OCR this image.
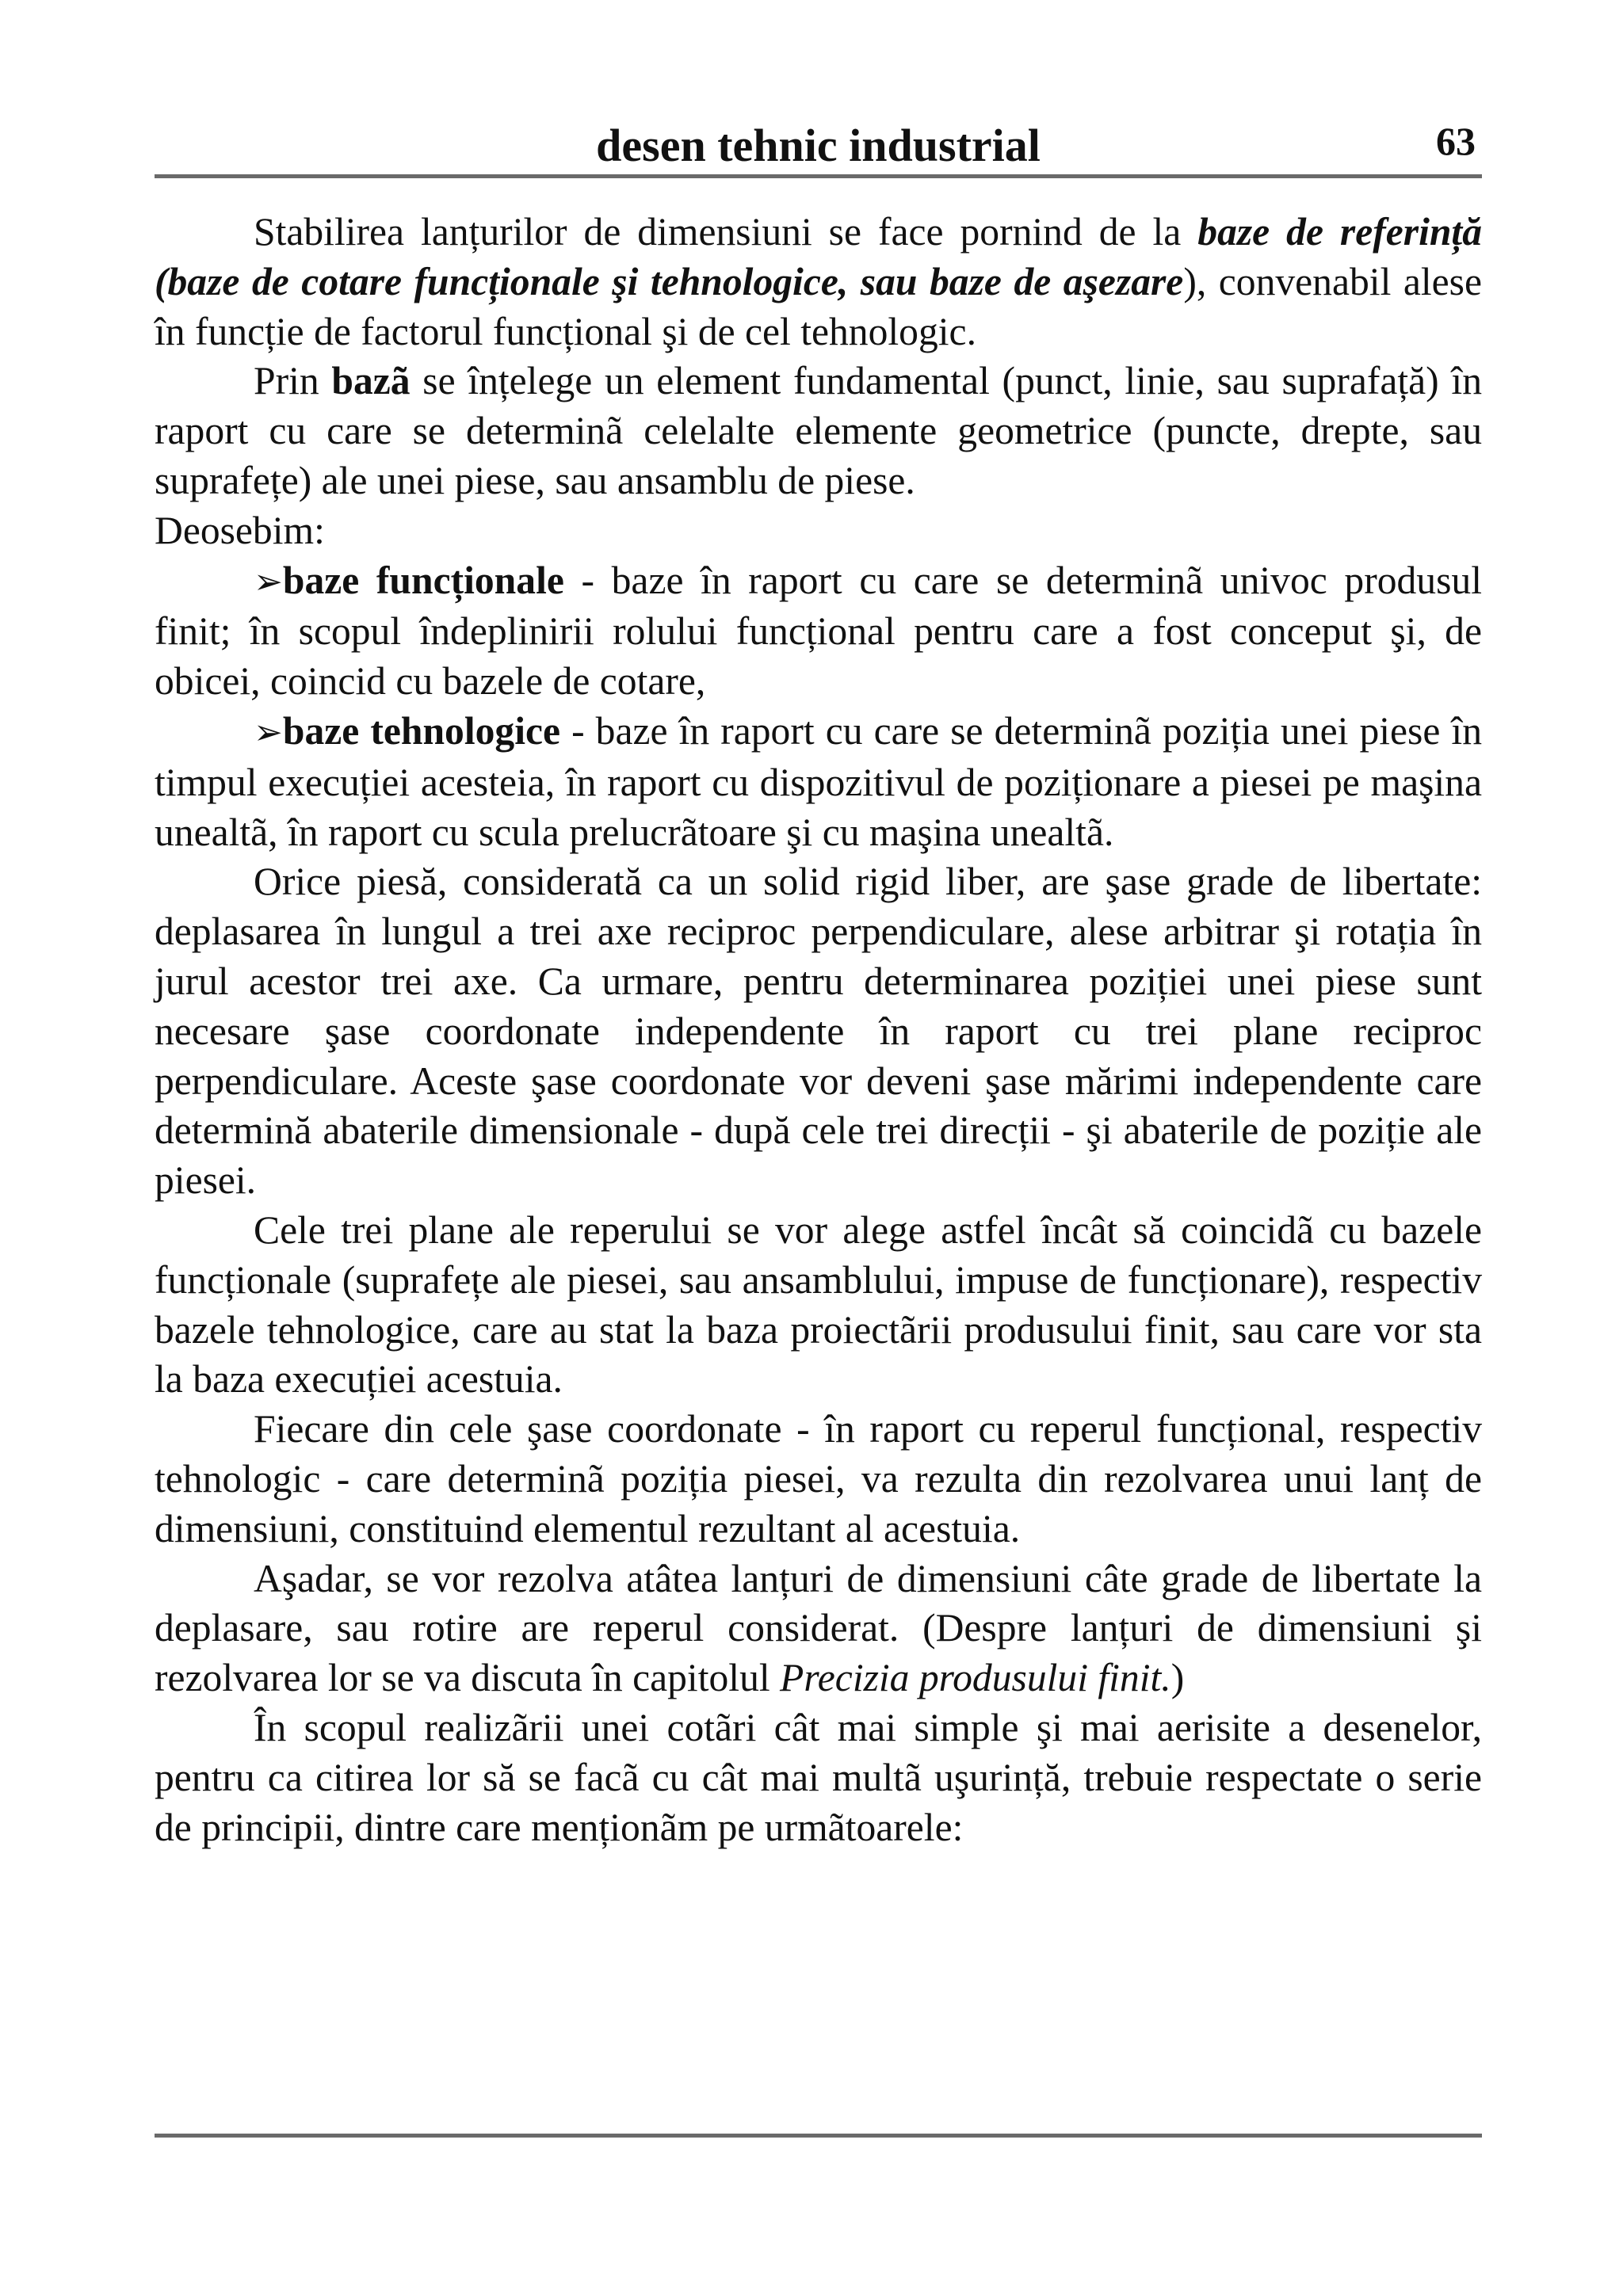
desen tehnic industrial	63

Stabilirea lanțurilor de dimensiuni se face pornind de la baze de referință (baze de cotare funcționale şi tehnologice, sau baze de aşezare), convenabil alese în funcție de factorul funcțional şi de cel tehnologic.

Prin bazã se înțelege un element fundamental (punct, linie, sau suprafață) în raport cu care se determinã celelalte elemente geometrice (puncte, drepte, sau suprafețe) ale unei piese, sau ansamblu de piese.

Deosebim:

➢baze funcționale - baze în raport cu care se determinã univoc produsul finit; în scopul îndeplinirii rolului funcțional pentru care a fost conceput şi, de obicei, coincid cu bazele de cotare,

➢baze tehnologice - baze în raport cu care se determinã poziția unei piese în timpul execuției acesteia, în raport cu dispozitivul de poziționare a piesei pe maşina unealtã, în raport cu scula prelucrãtoare şi cu maşina unealtã.

Orice piesă, considerată ca un solid rigid liber, are şase grade de libertate: deplasarea în lungul a trei axe reciproc perpendiculare, alese arbitrar şi rotația în jurul acestor trei axe. Ca urmare, pentru determinarea poziției unei piese sunt necesare şase coordonate independente în raport cu trei plane reciproc perpendiculare. Aceste şase coordonate vor deveni şase mărimi independente care determină abaterile dimensionale - după cele trei direcții - şi abaterile de poziție ale piesei.

Cele trei plane ale reperului se vor alege astfel încât să coincidã cu bazele funcționale (suprafețe ale piesei, sau ansamblului, impuse de funcționare), respectiv bazele tehnologice, care au stat la baza proiectãrii produsului finit, sau care vor sta la baza execuției acestuia.

Fiecare din cele şase coordonate - în raport cu reperul funcțional, respectiv tehnologic - care determinã poziția piesei, va rezulta din rezolvarea unui lanț de dimensiuni, constituind elementul rezultant al acestuia.

Aşadar, se vor rezolva atâtea lanțuri de dimensiuni câte grade de libertate la deplasare, sau rotire are reperul considerat. (Despre lanțuri de dimensiuni şi rezolvarea lor se va discuta în capitolul Precizia produsului finit.)

În scopul realizãrii unei cotãri cât mai simple şi mai aerisite a desenelor, pentru ca citirea lor să se facã cu cât mai multã uşurință, trebuie respectate o serie de principii, dintre care menționãm pe urmãtoarele:
